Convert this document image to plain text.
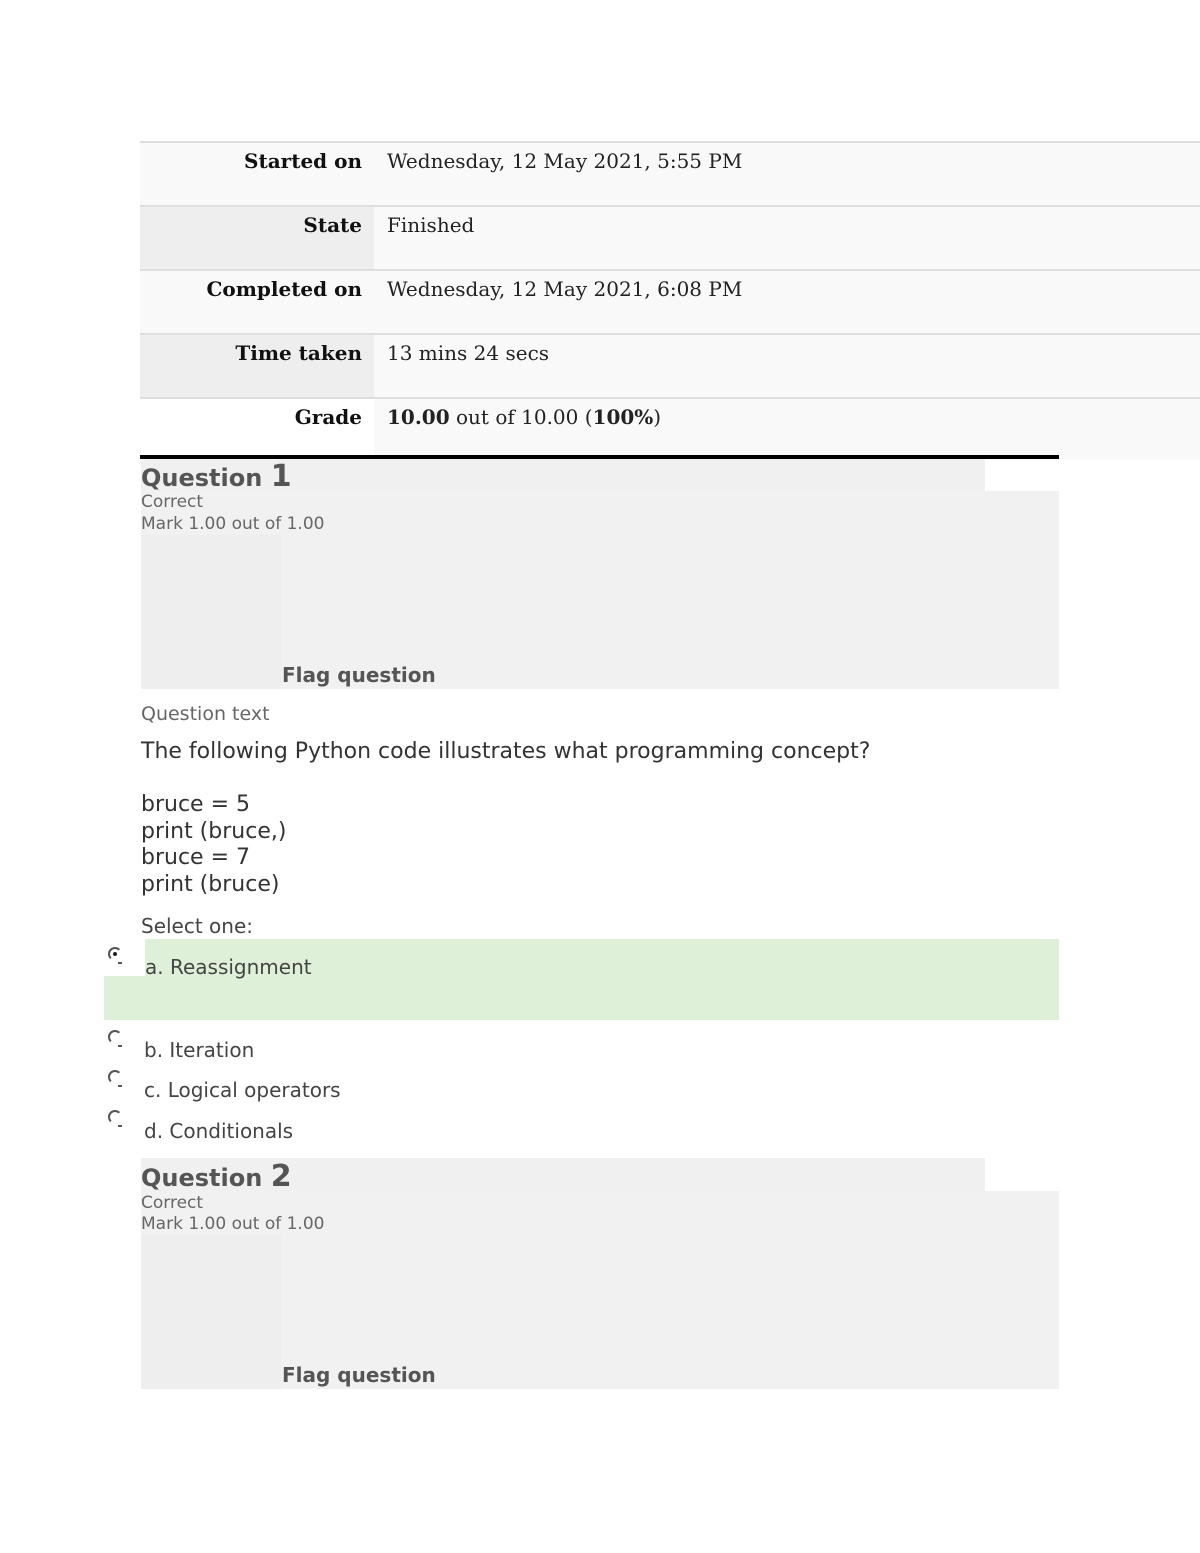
Started on	Wednesday, 12 May 2021, 5:55 PM
State	Finished
Completed on	Wednesday, 12 May 2021, 6:08 PM
Time taken	13 mins 24 secs
Grade	10.00 out of 10.00 (100%)
Question 1
Correct
Mark 1.00 out of 1.00
Flag question
Question text
The following Python code illustrates what programming concept?
bruce = 5
print (bruce,)
bruce = 7
print (bruce)
Select one:
a. Reassignment
b. Iteration
c. Logical operators
d. Conditionals
Question 2
Correct
Mark 1.00 out of 1.00
Flag question
